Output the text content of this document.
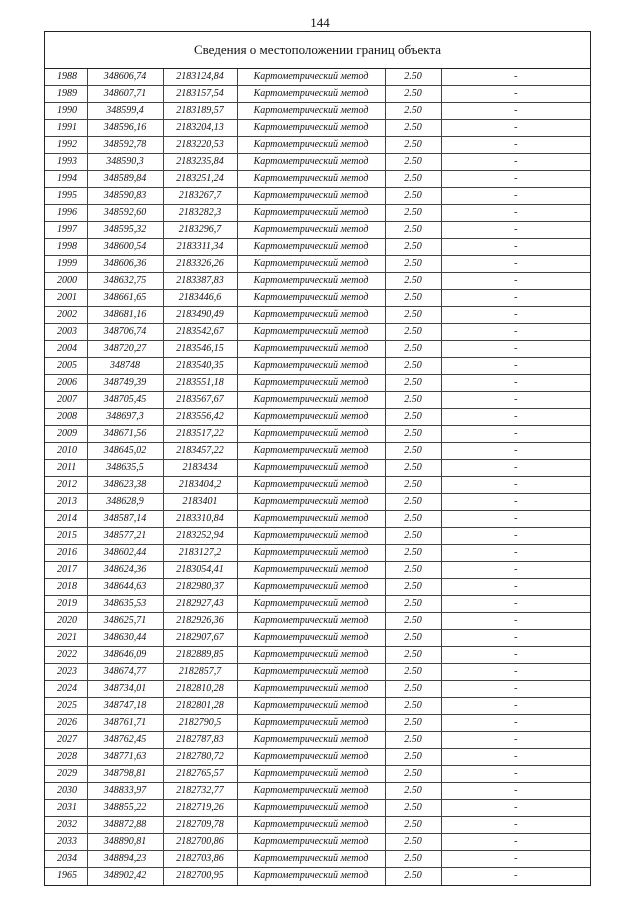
144
Сведения о местоположении границ объекта
1988	348606,74	2183124,84	Картометрический метод	2.50	-
1989	348607,71	2183157,54	Картометрический метод	2.50	-
1990	348599,4	2183189,57	Картометрический метод	2.50	-
1991	348596,16	2183204,13	Картометрический метод	2.50	-
1992	348592,78	2183220,53	Картометрический метод	2.50	-
1993	348590,3	2183235,84	Картометрический метод	2.50	-
1994	348589,84	2183251,24	Картометрический метод	2.50	-
1995	348590,83	2183267,7	Картометрический метод	2.50	-
1996	348592,60	2183282,3	Картометрический метод	2.50	-
1997	348595,32	2183296,7	Картометрический метод	2.50	-
1998	348600,54	2183311,34	Картометрический метод	2.50	-
1999	348606,36	2183326,26	Картометрический метод	2.50	-
2000	348632,75	2183387,83	Картометрический метод	2.50	-
2001	348661,65	2183446,6	Картометрический метод	2.50	-
2002	348681,16	2183490,49	Картометрический метод	2.50	-
2003	348706,74	2183542,67	Картометрический метод	2.50	-
2004	348720,27	2183546,15	Картометрический метод	2.50	-
2005	348748	2183540,35	Картометрический метод	2.50	-
2006	348749,39	2183551,18	Картометрический метод	2.50	-
2007	348705,45	2183567,67	Картометрический метод	2.50	-
2008	348697,3	2183556,42	Картометрический метод	2.50	-
2009	348671,56	2183517,22	Картометрический метод	2.50	-
2010	348645,02	2183457,22	Картометрический метод	2.50	-
2011	348635,5	2183434	Картометрический метод	2.50	-
2012	348623,38	2183404,2	Картометрический метод	2.50	-
2013	348628,9	2183401	Картометрический метод	2.50	-
2014	348587,14	2183310,84	Картометрический метод	2.50	-
2015	348577,21	2183252,94	Картометрический метод	2.50	-
2016	348602,44	2183127,2	Картометрический метод	2.50	-
2017	348624,36	2183054,41	Картометрический метод	2.50	-
2018	348644,63	2182980,37	Картометрический метод	2.50	-
2019	348635,53	2182927,43	Картометрический метод	2.50	-
2020	348625,71	2182926,36	Картометрический метод	2.50	-
2021	348630,44	2182907,67	Картометрический метод	2.50	-
2022	348646,09	2182889,85	Картометрический метод	2.50	-
2023	348674,77	2182857,7	Картометрический метод	2.50	-
2024	348734,01	2182810,28	Картометрический метод	2.50	-
2025	348747,18	2182801,28	Картометрический метод	2.50	-
2026	348761,71	2182790,5	Картометрический метод	2.50	-
2027	348762,45	2182787,83	Картометрический метод	2.50	-
2028	348771,63	2182780,72	Картометрический метод	2.50	-
2029	348798,81	2182765,57	Картометрический метод	2.50	-
2030	348833,97	2182732,77	Картометрический метод	2.50	-
2031	348855,22	2182719,26	Картометрический метод	2.50	-
2032	348872,88	2182709,78	Картометрический метод	2.50	-
2033	348890,81	2182700,86	Картометрический метод	2.50	-
2034	348894,23	2182703,86	Картометрический метод	2.50	-
1965	348902,42	2182700,95	Картометрический метод	2.50	-
